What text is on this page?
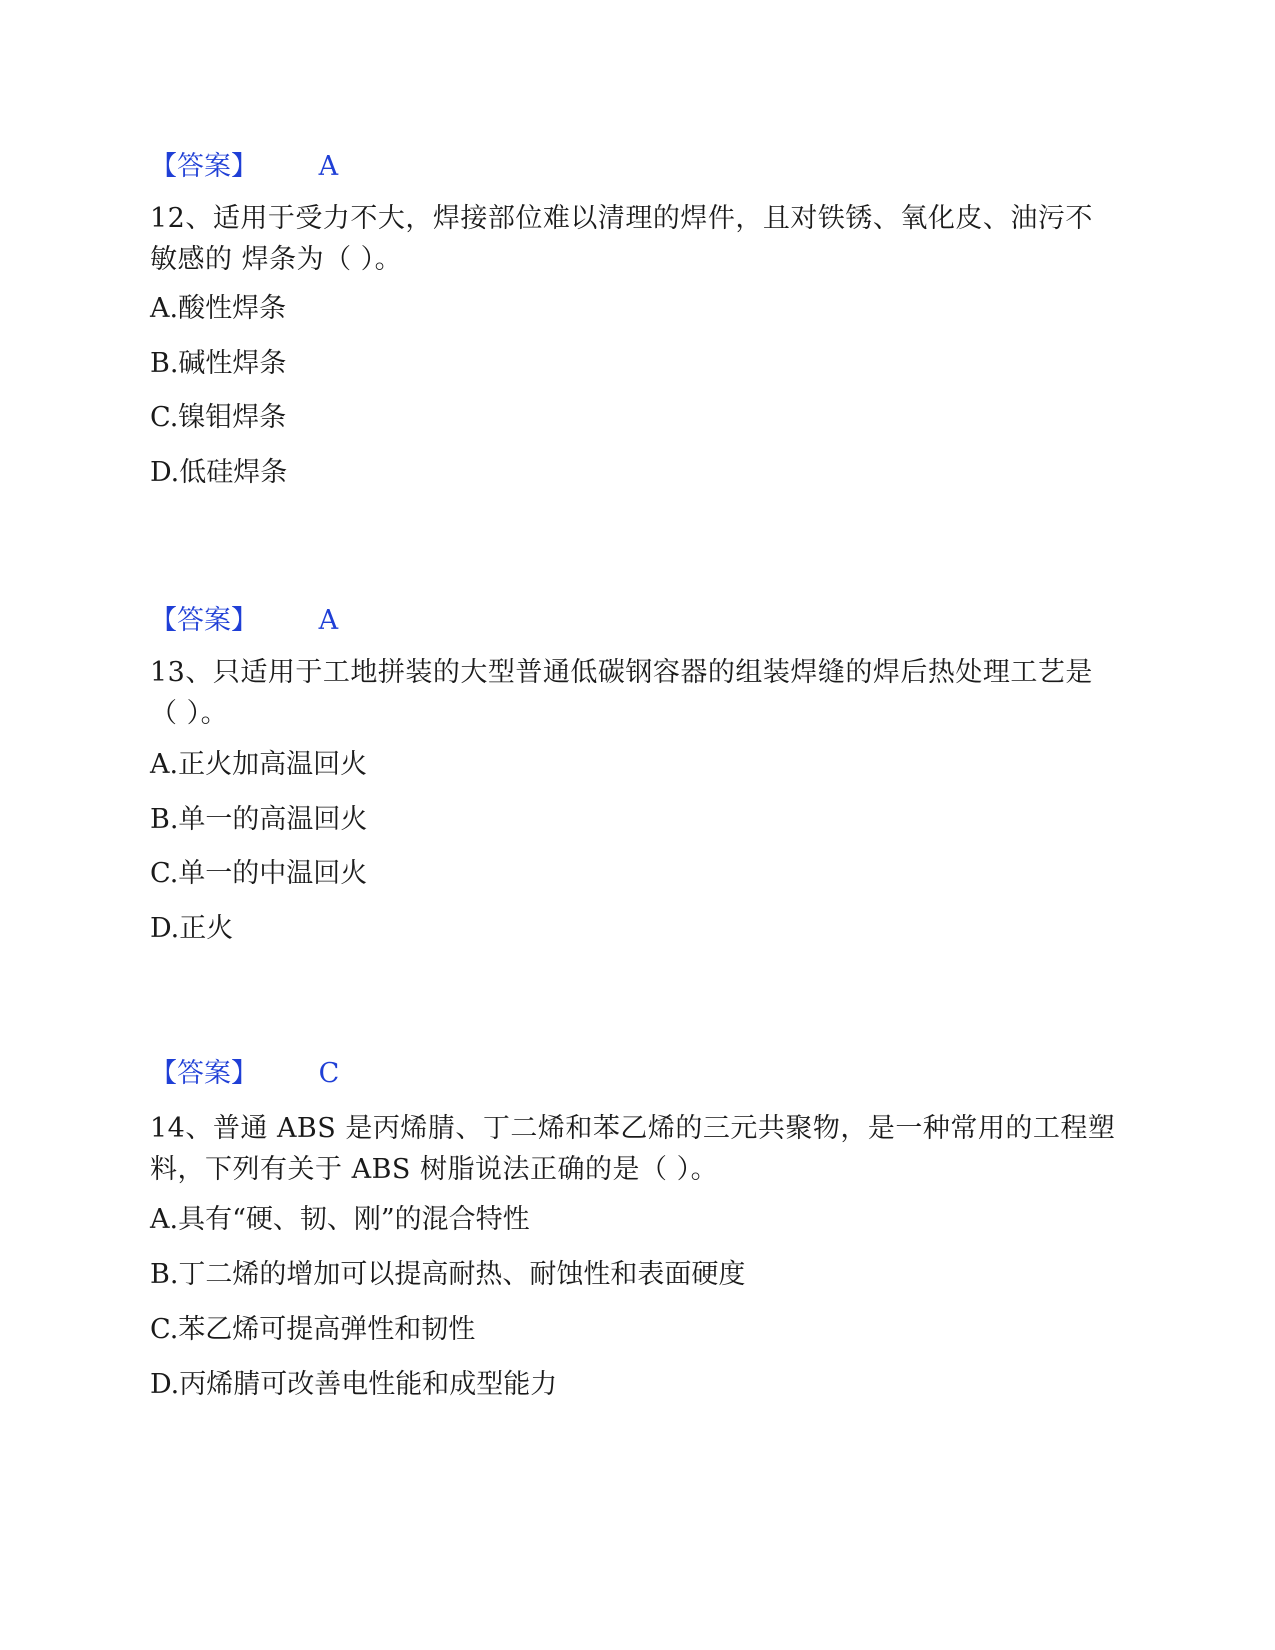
【答案】 A
12、适用于受力不大，焊接部位难以清理的焊件，且对铁锈、氧化皮、油污不敏感的 焊条为（ ）。
A.酸性焊条
B.碱性焊条
C.镍钼焊条
D.低硅焊条
【答案】 A
13、只适用于工地拼装的大型普通低碳钢容器的组装焊缝的焊后热处理工艺是（ ）。
A.正火加高温回火
B.单一的高温回火
C.单一的中温回火
D.正火
【答案】 C
14、普通 ABS 是丙烯腈、丁二烯和苯乙烯的三元共聚物，是一种常用的工程塑料，下列有关于 ABS 树脂说法正确的是（ ）。
A.具有“硬、韧、刚”的混合特性
B.丁二烯的增加可以提高耐热、耐蚀性和表面硬度
C.苯乙烯可提高弹性和韧性
D.丙烯腈可改善电性能和成型能力
